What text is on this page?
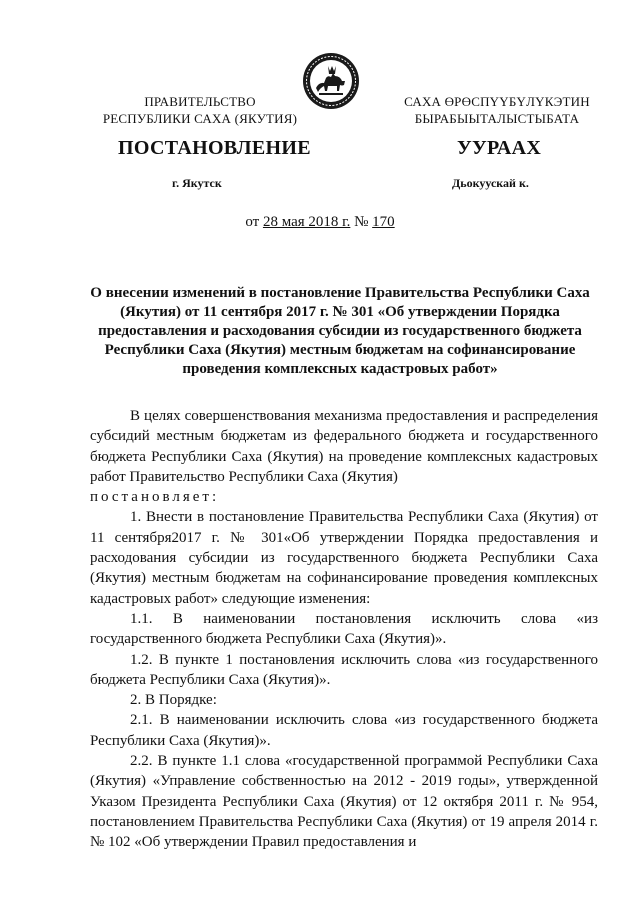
ПРАВИТЕЛЬСТВО
РЕСПУБЛИКИ САХА (ЯКУТИЯ)
САХА ӨРӨСПҮҮБҮЛҮКЭТИН
БЫРАБЫЫТАЛЫСТЫБАТА
ПОСТАНОВЛЕНИЕ	УУРААХ
г. Якутск	Дьокуускай к.
от 28 мая 2018 г. № 170
О внесении изменений в постановление Правительства Республики Саха (Якутия) от 11 сентября 2017 г. № 301 «Об утверждении Порядка предоставления и расходования субсидии из государственного бюджета Республики Саха (Якутия) местным бюджетам на софинансирование проведения комплексных кадастровых работ»

В целях совершенствования механизма предоставления и распределения субсидий местным бюджетам из федерального бюджета и государственного бюджета Республики Саха (Якутия) на проведение комплексных кадастровых работ Правительство Республики Саха (Якутия)

постановляет:

1. Внести в постановление Правительства Республики Саха (Якутия) от 11 сентября2017 г. № 301«Об утверждении Порядка предоставления и расходования субсидии из государственного бюджета Республики Саха (Якутия) местным бюджетам на софинансирование проведения комплексных кадастровых работ» следующие изменения:

1.1. В наименовании постановления исключить слова «из государственного бюджета Республики Саха (Якутия)».

1.2. В пункте 1 постановления исключить слова «из государственного бюджета Республики Саха (Якутия)».

2. В Порядке:

2.1. В наименовании исключить слова «из государственного бюджета Республики Саха (Якутия)».

2.2. В пункте 1.1 слова «государственной программой Республики Саха (Якутия) «Управление собственностью на 2012 - 2019 годы», утвержденной Указом Президента Республики Саха (Якутия) от 12 октября 2011 г. № 954, постановлением Правительства Республики Саха (Якутия) от 19 апреля 2014 г. № 102 «Об утверждении Правил предоставления и
